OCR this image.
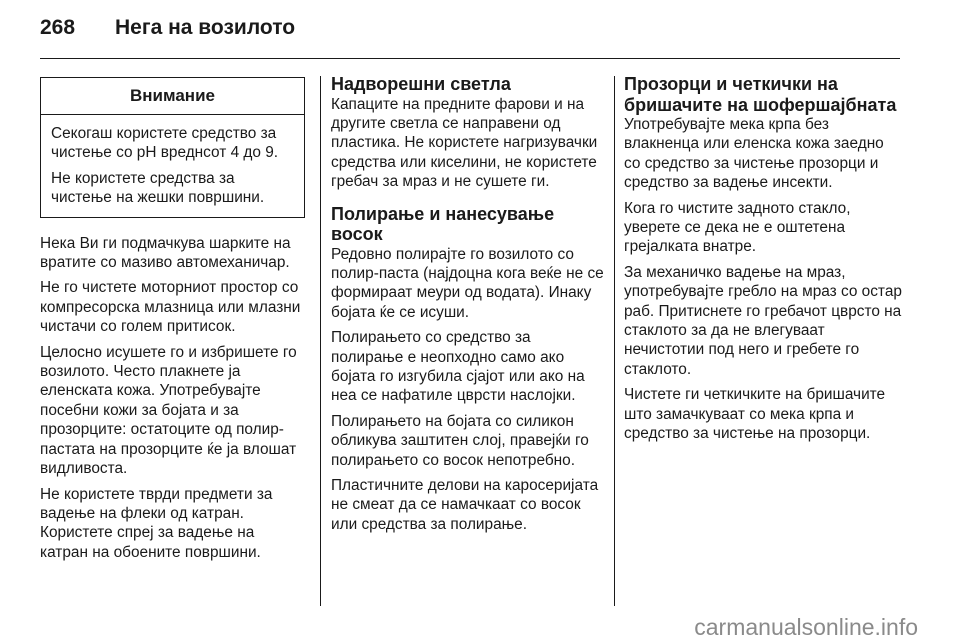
268 Нега на возилото
Внимание

Секогаш користете средство за чистење со pH вреднсот 4 до 9.

Не користете средства за чистење на жешки површини.

Нека Ви ги подмачкува шарките на вратите со мазиво автомеханичар.

Не го чистете моторниот простор со компресорска млазница или млазни чистачи со голем притисок.

Целосно исушете го и избришете го возилото. Често плакнете ја еленската кожа. Употребувајте посебни кожи за бојата и за прозорците: остатоците од полир-пастата на прозорците ќе ја влошат видливоста.

Не користете тврди предмети за вадење на флеки од катран. Користете спреј за вадење на катран на обоените површини.

Надворешни светла

Капаците на предните фарови и на другите светла се направени од пластика. Не користете нагризувачки средства или киселини, не користете гребач за мраз и не сушете ги.

Полирање и нанесување восок

Редовно полирајте го возилото со полир-паста (најдоцна кога веќе не се формираат меури од водата). Инаку бојата ќе се исуши.

Полирањето со средство за полирање е неопходно само ако бојата го изгубила сјајот или ако на неа се нафатиле цврсти наслојки.

Полирањето на бојата со силикон обликува заштитен слој, правејќи го полирањето со восок непотребно.

Пластичните делови на каросеријата не смеат да се намачкаат со восок или средства за полирање.

Прозорци и четкички на бришачите на шофершајбната

Употребувајте мека крпа без влакненца или еленска кожа заедно со средство за чистење прозорци и средство за вадење инсекти.

Кога го чистите задното стакло, уверете се дека не е оштетена грејалката внатре.

За механичко вадење на мраз, употребувајте гребло на мраз со остар раб. Притиснете го гребачот цврсто на стаклото за да не влегуваат нечистотии под него и гребете го стаклото.

Чистете ги четкичките на бришачите што замачкуваат со мека крпа и средство за чистење на прозорци.

carmanualsonline.info
